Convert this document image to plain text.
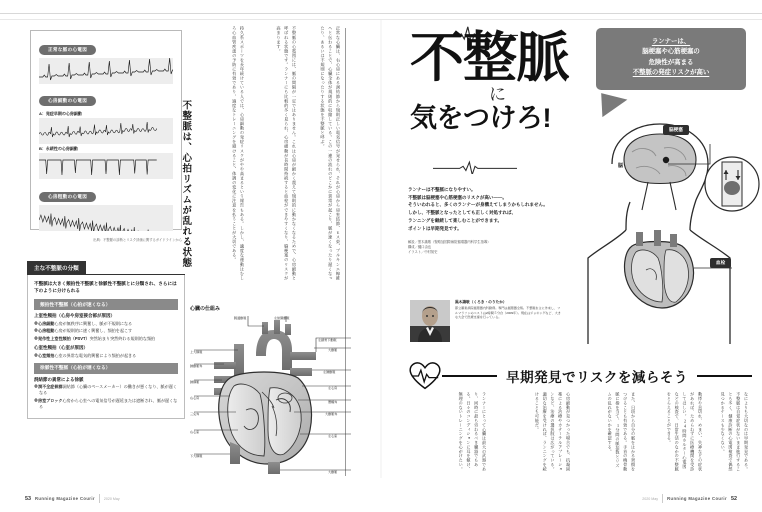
正常な脈の心電図
心房細動の心電図
A：発症早期の心房細動
B：永続性の心房細動
心房粗動の心電図
出典：不整脈の診断とリスク評価に関するガイドラインから
主な不整脈の分類
不整脈は大きく頻拍性不整脈と徐脈性不整脈とに分類され、さらには下のように分けられる
頻拍性不整脈（心拍が速くなる）
上室性頻拍（心房や房室接合部が原因）
※心房細動心房が無秩序に興奮し、脈が不規則になる
※心房粗動心房が規則的に速く興奮し、頻拍を起こす
※発作性上室性頻拍（PSVT）突然始まり突然終わる規則的な頻拍
心室性頻拍（心室が原因）
※心室頻拍心室の異常な電気的興奮により頻拍が起きる
徐脈性不整脈（心拍が遅くなる）
洞結節の異常による徐脈
※洞不全症候群洞結節（心臓のペースメーカー）の働きが悪くなり、脈が遅くなる
※房室ブロック心房から心室への電気信号が遅延または遮断され、脈が遅くなる
不整脈は、心拍リズムが乱れる状態	正常な心臓は、右心房にある洞結節から規則正しい電気信号が発せられ、それが心房から房室結節、ヒス束、プルキンエ線維へと伝わることで、心臓全体が規則的に収縮している。この一連の流れのどこかに異常が起こり、脈が速くなったり遅くなったり、あるいは不規則になったりする状態を不整脈と呼ぶ。
不整脈の心電図には、脈の間隔が一定ではありません。これは心房が細かく震えて規則的に動かなくなるためで、心房細動と呼ばれる状態です。ランナーにも比較的多く見られ、心房細動が長時間持続すると血栓ができやすくなり、脳梗塞のリスクが高まります。
持久系スポーツを長年続けている人では、心房細動の発症リスクがやや高まるという報告もある。しかし、適度な運動はむしろ心血管疾患の予防に有効であり、過度なトレーニングを避けること、体調の変化に注意を払うことが大切である。
心臓の仕組み
上大静脈
肺動脈弁
肺静脈
右心房
三尖弁
右心室
下大静脈
左鎖骨下動脈
大動脈
左肺動脈
左心房
僧帽弁
大動脈弁
左心室
大動脈
腕頭動脈	左総頸動脈
不整脈
に
気をつけろ!
ランナーは、
脳梗塞や心筋梗塞の
危険性が高まる
不整脈の発症リスクが高い

ランナーは不整脈になりやすい。

不整脈は脳梗塞や心筋梗塞のリスクが高い――。

そういわれると、多くのランナーが身構えてしまうかもしれません。

しかし、不整脈となったとしても正しく対処すれば、

ランニングを継続して楽しむことができます。

ポイントは早期発見です。

解説／黒木識敬（聖路加国際病院循環器内科学生指導）
構成／樋口由也
イラスト／中村知史
黒木識敬（くろき・のりたか）
都立墨東病院循環器内科勤務。専門は循環器全般。不整脈を主に外来し、フルマラソンのベストは2時間５分台（2009年）。現在はジョギングなど、大きな大会で医療支援を行っている。
脳梗塞
脳
血栓
早期発見でリスクを減らそう
なによりも大切なのは早期発見である。不整脈は自覚症状がないまま進行することも多く、健康診断の心電図検査で偶然見つかるケースも少なくない。
動悸や息切れ、めまい、失神などの症状があれば、ためらわずに医療機関を受診してほしい。24時間ホルター心電図などの検査で、日常生活のなかの不整脈をとらえることができる。
また、日頃から自分の脈をはかる習慣をつけることも有効である。手首の橈骨動脈に指を当て、1分間の脈拍数とリズムの乱れがないかを確認する。
心房細動が見つかった場合でも、抗凝固薬による治療やカテーテルアブレーションなど、治療の選択肢は広がっている。適切な治療を受ければ、ランニングを続けることも可能だ。
ランナーにとって心臓は最大の武器であり、同時に最も労わるべき臓器でもある。日々のコンディションに耳を傾け、無理のないトレーニングを心がけたい。
53 Running Magazine Courir	2020 May	2020 May Running Magazine Courir 52
